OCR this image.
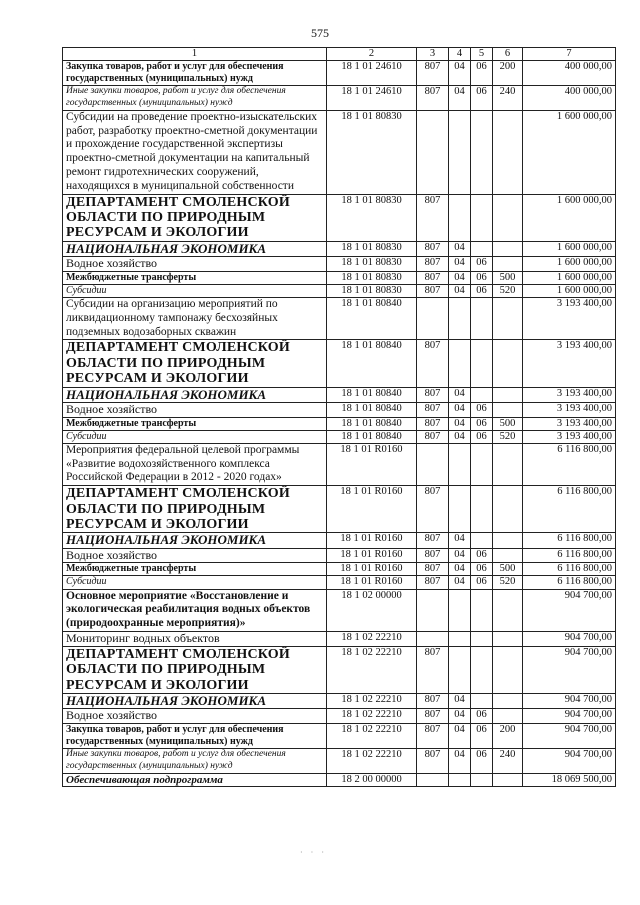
575
1	2	3	4	5	6	7
Закупка товаров, работ и услуг для обеспечения государственных (муниципальных) нужд	18 1 01 24610	807	04	06	200	400 000,00
Иные закупки товаров, работ и услуг для обеспечения государственных (муниципальных) нужд	18 1 01 24610	807	04	06	240	400 000,00
Субсидии на проведение проектно-изыскательских работ, разработку проектно-сметной документации и прохождение государственной экспертизы проектно-сметной документации на капитальный ремонт гидротехнических сооружений, находящихся в муниципальной собственности	18 1 01 80830					1 600 000,00
ДЕПАРТАМЕНТ СМОЛЕНСКОЙ ОБЛАСТИ ПО ПРИРОДНЫМ РЕСУРСАМ И ЭКОЛОГИИ	18 1 01 80830	807				1 600 000,00
НАЦИОНАЛЬНАЯ ЭКОНОМИКА	18 1 01 80830	807	04			1 600 000,00
Водное хозяйство	18 1 01 80830	807	04	06		1 600 000,00
Межбюджетные трансферты	18 1 01 80830	807	04	06	500	1 600 000,00
Субсидии	18 1 01 80830	807	04	06	520	1 600 000,00
Субсидии на организацию мероприятий по ликвидационному тампонажу бесхозяйных подземных водозаборных скважин	18 1 01 80840					3 193 400,00
ДЕПАРТАМЕНТ СМОЛЕНСКОЙ ОБЛАСТИ ПО ПРИРОДНЫМ РЕСУРСАМ И ЭКОЛОГИИ	18 1 01 80840	807				3 193 400,00
НАЦИОНАЛЬНАЯ ЭКОНОМИКА	18 1 01 80840	807	04			3 193 400,00
Водное хозяйство	18 1 01 80840	807	04	06		3 193 400,00
Межбюджетные трансферты	18 1 01 80840	807	04	06	500	3 193 400,00
Субсидии	18 1 01 80840	807	04	06	520	3 193 400,00
Мероприятия федеральной целевой программы «Развитие водохозяйственного комплекса Российской Федерации в 2012 - 2020 годах»	18 1 01 R0160					6 116 800,00
ДЕПАРТАМЕНТ СМОЛЕНСКОЙ ОБЛАСТИ ПО ПРИРОДНЫМ РЕСУРСАМ И ЭКОЛОГИИ	18 1 01 R0160	807				6 116 800,00
НАЦИОНАЛЬНАЯ ЭКОНОМИКА	18 1 01 R0160	807	04			6 116 800,00
Водное хозяйство	18 1 01 R0160	807	04	06		6 116 800,00
Межбюджетные трансферты	18 1 01 R0160	807	04	06	500	6 116 800,00
Субсидии	18 1 01 R0160	807	04	06	520	6 116 800,00
Основное мероприятие «Восстановление и экологическая реабилитация водных объектов (природоохранные мероприятия)»	18 1 02 00000					904 700,00
Мониторинг водных объектов	18 1 02 22210					904 700,00
ДЕПАРТАМЕНТ СМОЛЕНСКОЙ ОБЛАСТИ ПО ПРИРОДНЫМ РЕСУРСАМ И ЭКОЛОГИИ	18 1 02 22210	807				904 700,00
НАЦИОНАЛЬНАЯ ЭКОНОМИКА	18 1 02 22210	807	04			904 700,00
Водное хозяйство	18 1 02 22210	807	04	06		904 700,00
Закупка товаров, работ и услуг для обеспечения государственных (муниципальных) нужд	18 1 02 22210	807	04	06	200	904 700,00
Иные закупки товаров, работ и услуг для обеспечения государственных (муниципальных) нужд	18 1 02 22210	807	04	06	240	904 700,00
Обеспечивающая подпрограмма	18 2 00 00000					18 069 500,00
· · ·
